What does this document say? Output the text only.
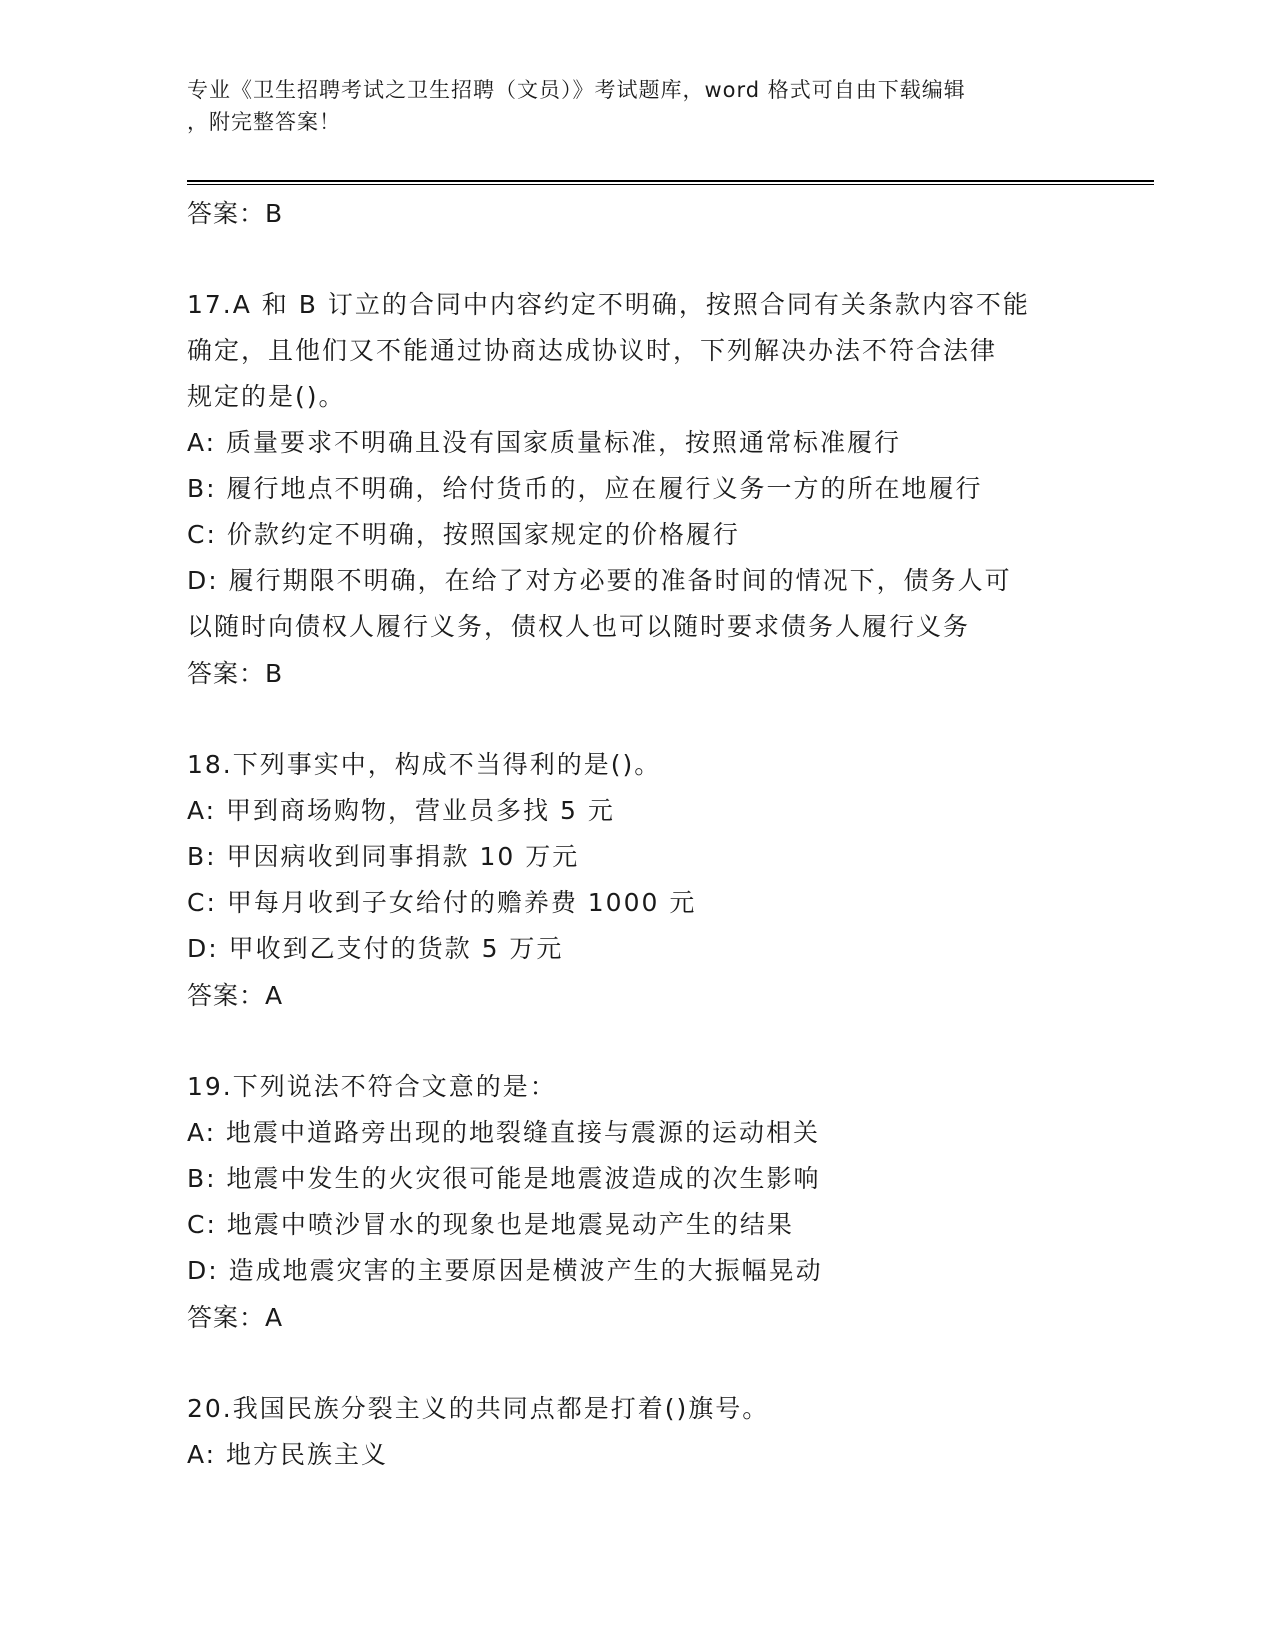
专业《卫生招聘考试之卫生招聘（文员）》考试题库，word 格式可自由下载编辑
，附完整答案！
答案：B
17.A 和 B 订立的合同中内容约定不明确，按照合同有关条款内容不能
确定，且他们又不能通过协商达成协议时，下列解决办法不符合法律
规定的是()。
A: 质量要求不明确且没有国家质量标准，按照通常标准履行
B: 履行地点不明确，给付货币的，应在履行义务一方的所在地履行
C: 价款约定不明确，按照国家规定的价格履行
D: 履行期限不明确，在给了对方必要的准备时间的情况下，债务人可
以随时向债权人履行义务，债权人也可以随时要求债务人履行义务
答案：B
18.下列事实中，构成不当得利的是()。
A: 甲到商场购物，营业员多找 5 元
B: 甲因病收到同事捐款 10 万元
C: 甲每月收到子女给付的赡养费 1000 元
D: 甲收到乙支付的货款 5 万元
答案：A
19.下列说法不符合文意的是：
A: 地震中道路旁出现的地裂缝直接与震源的运动相关
B: 地震中发生的火灾很可能是地震波造成的次生影响
C: 地震中喷沙冒水的现象也是地震晃动产生的结果
D: 造成地震灾害的主要原因是横波产生的大振幅晃动
答案：A
20.我国民族分裂主义的共同点都是打着()旗号。
A: 地方民族主义
